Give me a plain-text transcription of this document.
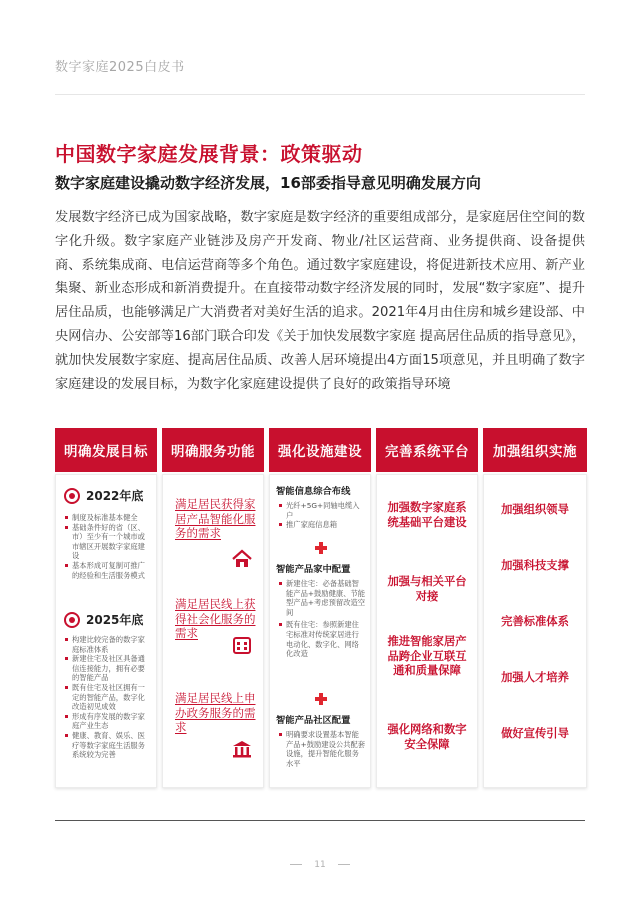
数字家庭2025白皮书
中国数字家庭发展背景：政策驱动
数字家庭建设撬动数字经济发展，16部委指导意见明确发展方向

发展数字经济已成为国家战略，数字家庭是数字经济的重要组成部分，是家庭居住空间的数字化升级。数字家庭产业链涉及房产开发商、物业/社区运营商、业务提供商、设备提供商、系统集成商、电信运营商等多个角色。通过数字家庭建设，将促进新技术应用、新产业集聚、新业态形成和新消费提升。在直接带动数字经济发展的同时，发展“数字家庭”、提升居住品质，也能够满足广大消费者对美好生活的追求。2021年4月由住房和城乡建设部、中央网信办、公安部等16部门联合印发《关于加快发展数字家庭 提高居住品质的指导意见》，就加快发展数字家庭、提高居住品质、改善人居环境提出4方面15项意见，并且明确了数字家庭建设的发展目标，为数字化家庭建设提供了良好的政策指导环境

明确发展目标
2022年底
制度及标准基本健全
基础条件好的省（区、市）至少有一个城市或市辖区开展数字家庭建设
基本形成可复制可推广的经验和生活服务模式
2025年底
构建比较完备的数字家庭标准体系
新建住宅及社区具备通信连接能力，拥有必要的智能产品
既有住宅及社区拥有一定的智能产品，数字化改造初见成效
形成有序发展的数字家庭产业生态
健康、教育、娱乐、医疗等数字家庭生活服务系统较为完善
明确服务功能
满足居民获得家居产品智能化服务的需求
满足居民线上获得社会化服务的需求
满足居民线上申办政务服务的需求
强化设施建设
智能信息综合布线
光纤+5G+同轴电缆入户
推广家庭信息箱
智能产品家中配置
新建住宅：必备基础智能产品+鼓励健康、节能型产品+考虑预留改造空间
既有住宅：参照新建住宅标准对传统家居进行电动化、数字化、网络化改造
智能产品社区配置
明确要求设置基本智能产品+鼓励建设公共配套设施，提升智能化服务水平
完善系统平台
加强数字家庭系统基础平台建设
加强与相关平台对接
推进智能家居产品跨企业互联互通和质量保障
强化网络和数字安全保障
加强组织实施
加强组织领导
加强科技支撑
完善标准体系
加强人才培养
做好宣传引导
11
